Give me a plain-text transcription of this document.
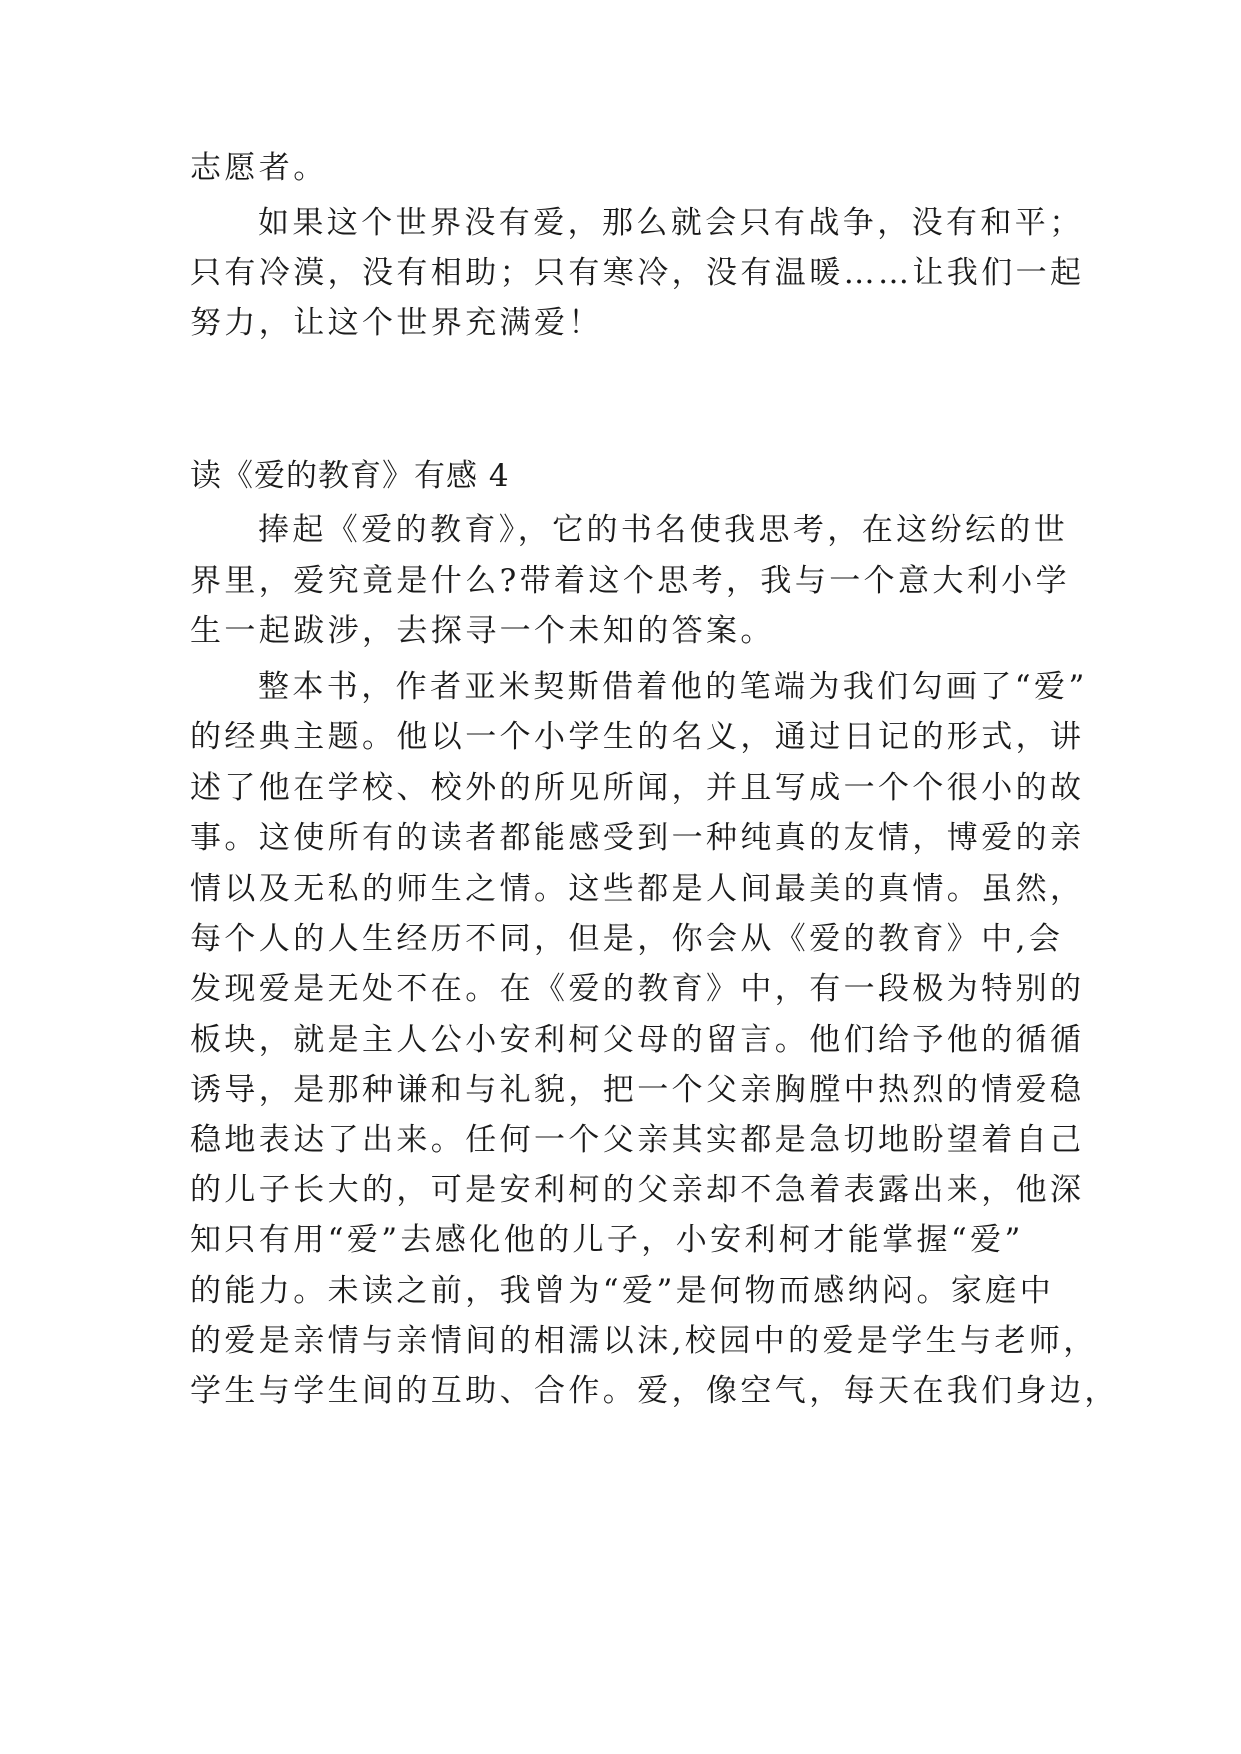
志愿者。
如果这个世界没有爱，那么就会只有战争，没有和平；
只有冷漠，没有相助；只有寒冷，没有温暖……让我们一起
努力，让这个世界充满爱！
读《爱的教育》有感 4
捧起《爱的教育》，它的书名使我思考，在这纷纭的世
界里，爱究竟是什么?带着这个思考，我与一个意大利小学
生一起跋涉，去探寻一个未知的答案。
整本书，作者亚米契斯借着他的笔端为我们勾画了“爱”
的经典主题。他以一个小学生的名义，通过日记的形式，讲
述了他在学校、校外的所见所闻，并且写成一个个很小的故
事。这使所有的读者都能感受到一种纯真的友情，博爱的亲
情以及无私的师生之情。这些都是人间最美的真情。虽然，
每个人的人生经历不同，但是，你会从《爱的教育》中,会
发现爱是无处不在。在《爱的教育》中，有一段极为特别的
板块，就是主人公小安利柯父母的留言。他们给予他的循循
诱导，是那种谦和与礼貌，把一个父亲胸膛中热烈的情爱稳
稳地表达了出来。任何一个父亲其实都是急切地盼望着自己
的儿子长大的，可是安利柯的父亲却不急着表露出来，他深
知只有用“爱”去感化他的儿子，小安利柯才能掌握“爱”
的能力。未读之前，我曾为“爱”是何物而感纳闷。家庭中
的爱是亲情与亲情间的相濡以沫,校园中的爱是学生与老师，
学生与学生间的互助、合作。爱，像空气，每天在我们身边，
